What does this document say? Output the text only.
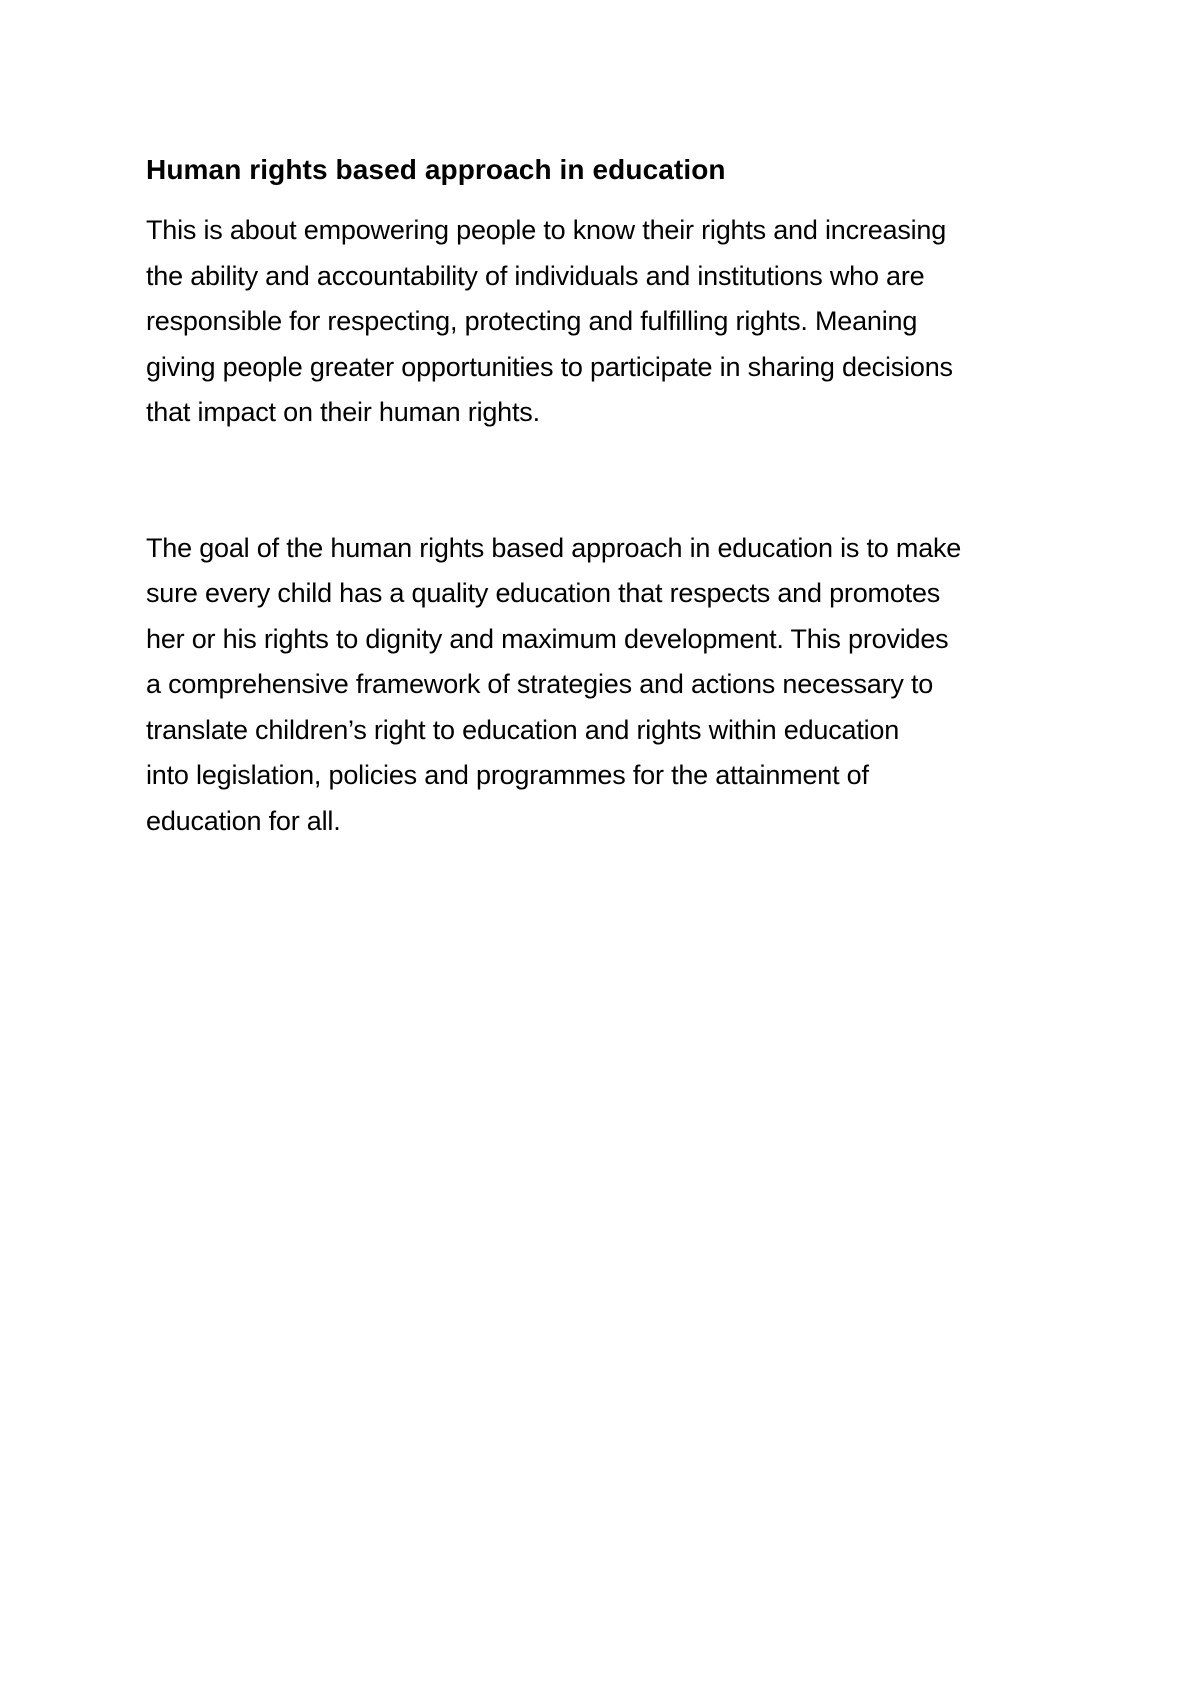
Human rights based approach in education

This is about empowering people to know their rights and increasing
the ability and accountability of individuals and institutions who are
responsible for respecting, protecting and fulfilling rights. Meaning
giving people greater opportunities to participate in sharing decisions
that impact on their human rights.

The goal of the human rights based approach in education is to make
sure every child has a quality education that respects and promotes
her or his rights to dignity and maximum development. This provides
a comprehensive framework of strategies and actions necessary to
translate children’s right to education and rights within education
into legislation, policies and programmes for the attainment of
education for all.
